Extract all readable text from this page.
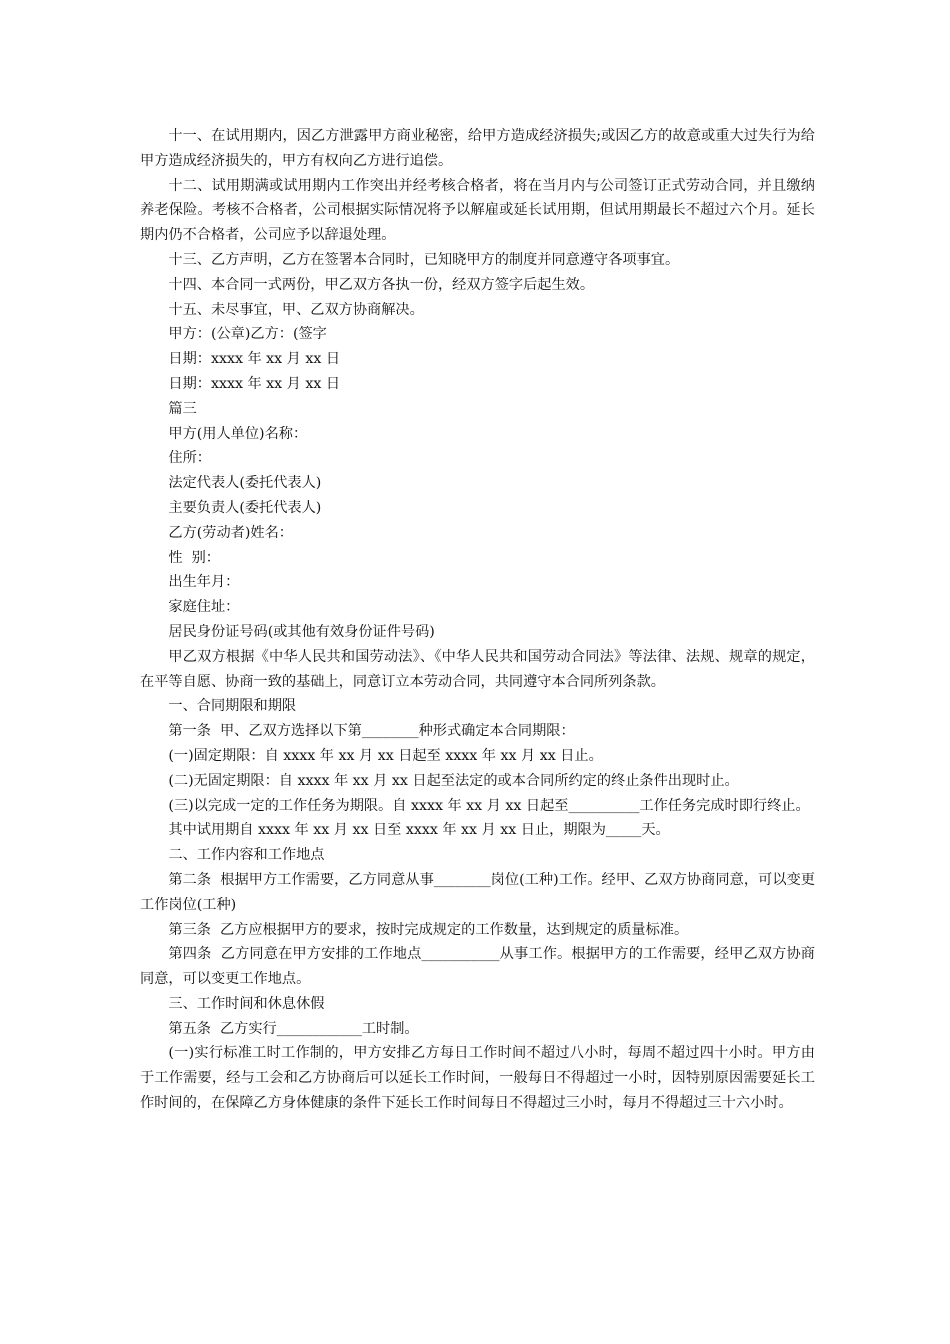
十一、在试用期内，因乙方泄露甲方商业秘密，给甲方造成经济损失;或因乙方的故意或重大过失行为给甲方造成经济损失的，甲方有权向乙方进行追偿。

十二、试用期满或试用期内工作突出并经考核合格者，将在当月内与公司签订正式劳动合同，并且缴纳养老保险。考核不合格者，公司根据实际情况将予以解雇或延长试用期，但试用期最长不超过六个月。延长期内仍不合格者，公司应予以辞退处理。

十三、乙方声明，乙方在签署本合同时，已知晓甲方的制度并同意遵守各项事宜。

十四、本合同一式两份，甲乙双方各执一份，经双方签字后起生效。

十五、未尽事宜，甲、乙双方协商解决。

甲方：(公章)乙方：(签字

日期：xxxx 年 xx 月 xx 日

日期：xxxx 年 xx 月 xx 日

篇三

甲方(用人单位)名称：

住所：

法定代表人(委托代表人)

主要负责人(委托代表人)

乙方(劳动者)姓名：

性  别：

出生年月：

家庭住址：

居民身份证号码(或其他有效身份证件号码)

甲乙双方根据《中华人民共和国劳动法》、《中华人民共和国劳动合同法》等法律、法规、规章的规定，在平等自愿、协商一致的基础上，同意订立本劳动合同，共同遵守本合同所列条款。

一、合同期限和期限

第一条  甲、乙双方选择以下第________种形式确定本合同期限：

(一)固定期限：自 xxxx 年 xx 月 xx 日起至 xxxx 年 xx 月 xx 日止。

(二)无固定期限：自 xxxx 年 xx 月 xx 日起至法定的或本合同所约定的终止条件出现时止。

(三)以完成一定的工作任务为期限。自 xxxx 年 xx 月 xx 日起至__________工作任务完成时即行终止。

其中试用期自 xxxx 年 xx 月 xx 日至 xxxx 年 xx 月 xx 日止，期限为_____天。

二、工作内容和工作地点

第二条  根据甲方工作需要，乙方同意从事________岗位(工种)工作。经甲、乙双方协商同意，可以变更工作岗位(工种)

第三条  乙方应根据甲方的要求，按时完成规定的工作数量，达到规定的质量标准。

第四条  乙方同意在甲方安排的工作地点___________从事工作。根据甲方的工作需要，经甲乙双方协商同意，可以变更工作地点。

三、工作时间和休息休假

第五条  乙方实行____________工时制。

(一)实行标准工时工作制的，甲方安排乙方每日工作时间不超过八小时，每周不超过四十小时。甲方由于工作需要，经与工会和乙方协商后可以延长工作时间，一般每日不得超过一小时，因特别原因需要延长工作时间的，在保障乙方身体健康的条件下延长工作时间每日不得超过三小时，每月不得超过三十六小时。
